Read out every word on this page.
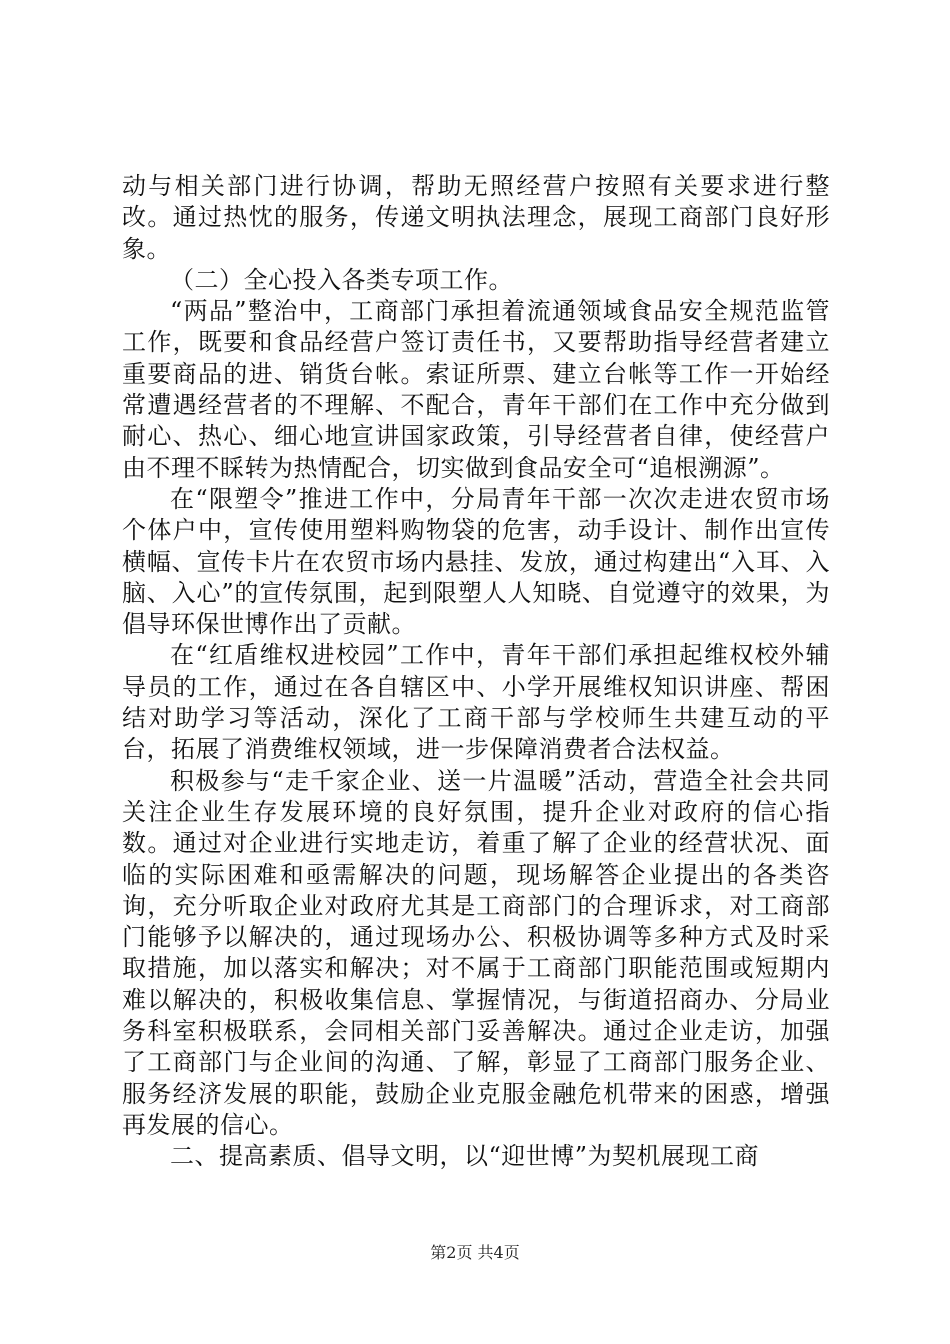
动与相关部门进行协调，帮助无照经营户按照有关要求进行整改。通过热忱的服务，传递文明执法理念，展现工商部门良好形象。

（二）全心投入各类专项工作。

“两品”整治中，工商部门承担着流通领域食品安全规范监管工作，既要和食品经营户签订责任书，又要帮助指导经营者建立重要商品的进、销货台帐。索证所票、建立台帐等工作一开始经常遭遇经营者的不理解、不配合，青年干部们在工作中充分做到耐心、热心、细心地宣讲国家政策，引导经营者自律，使经营户由不理不睬转为热情配合，切实做到食品安全可“追根溯源”。

在“限塑令”推进工作中，分局青年干部一次次走进农贸市场个体户中，宣传使用塑料购物袋的危害，动手设计、制作出宣传横幅、宣传卡片在农贸市场内悬挂、发放，通过构建出“入耳、入脑、入心”的宣传氛围，起到限塑人人知晓、自觉遵守的效果，为倡导环保世博作出了贡献。

在“红盾维权进校园”工作中，青年干部们承担起维权校外辅导员的工作，通过在各自辖区中、小学开展维权知识讲座、帮困结对助学习等活动，深化了工商干部与学校师生共建互动的平台，拓展了消费维权领域，进一步保障消费者合法权益。

积极参与“走千家企业、送一片温暖”活动，营造全社会共同关注企业生存发展环境的良好氛围，提升企业对政府的信心指数。通过对企业进行实地走访，着重了解了企业的经营状况、面临的实际困难和亟需解决的问题，现场解答企业提出的各类咨询，充分听取企业对政府尤其是工商部门的合理诉求，对工商部门能够予以解决的，通过现场办公、积极协调等多种方式及时采取措施，加以落实和解决；对不属于工商部门职能范围或短期内难以解决的，积极收集信息、掌握情况，与街道招商办、分局业务科室积极联系，会同相关部门妥善解决。通过企业走访，加强了工商部门与企业间的沟通、了解，彰显了工商部门服务企业、服务经济发展的职能，鼓励企业克服金融危机带来的困惑，增强再发展的信心。

二、提高素质、倡导文明，以“迎世博”为契机展现工商

第2页 共4页
